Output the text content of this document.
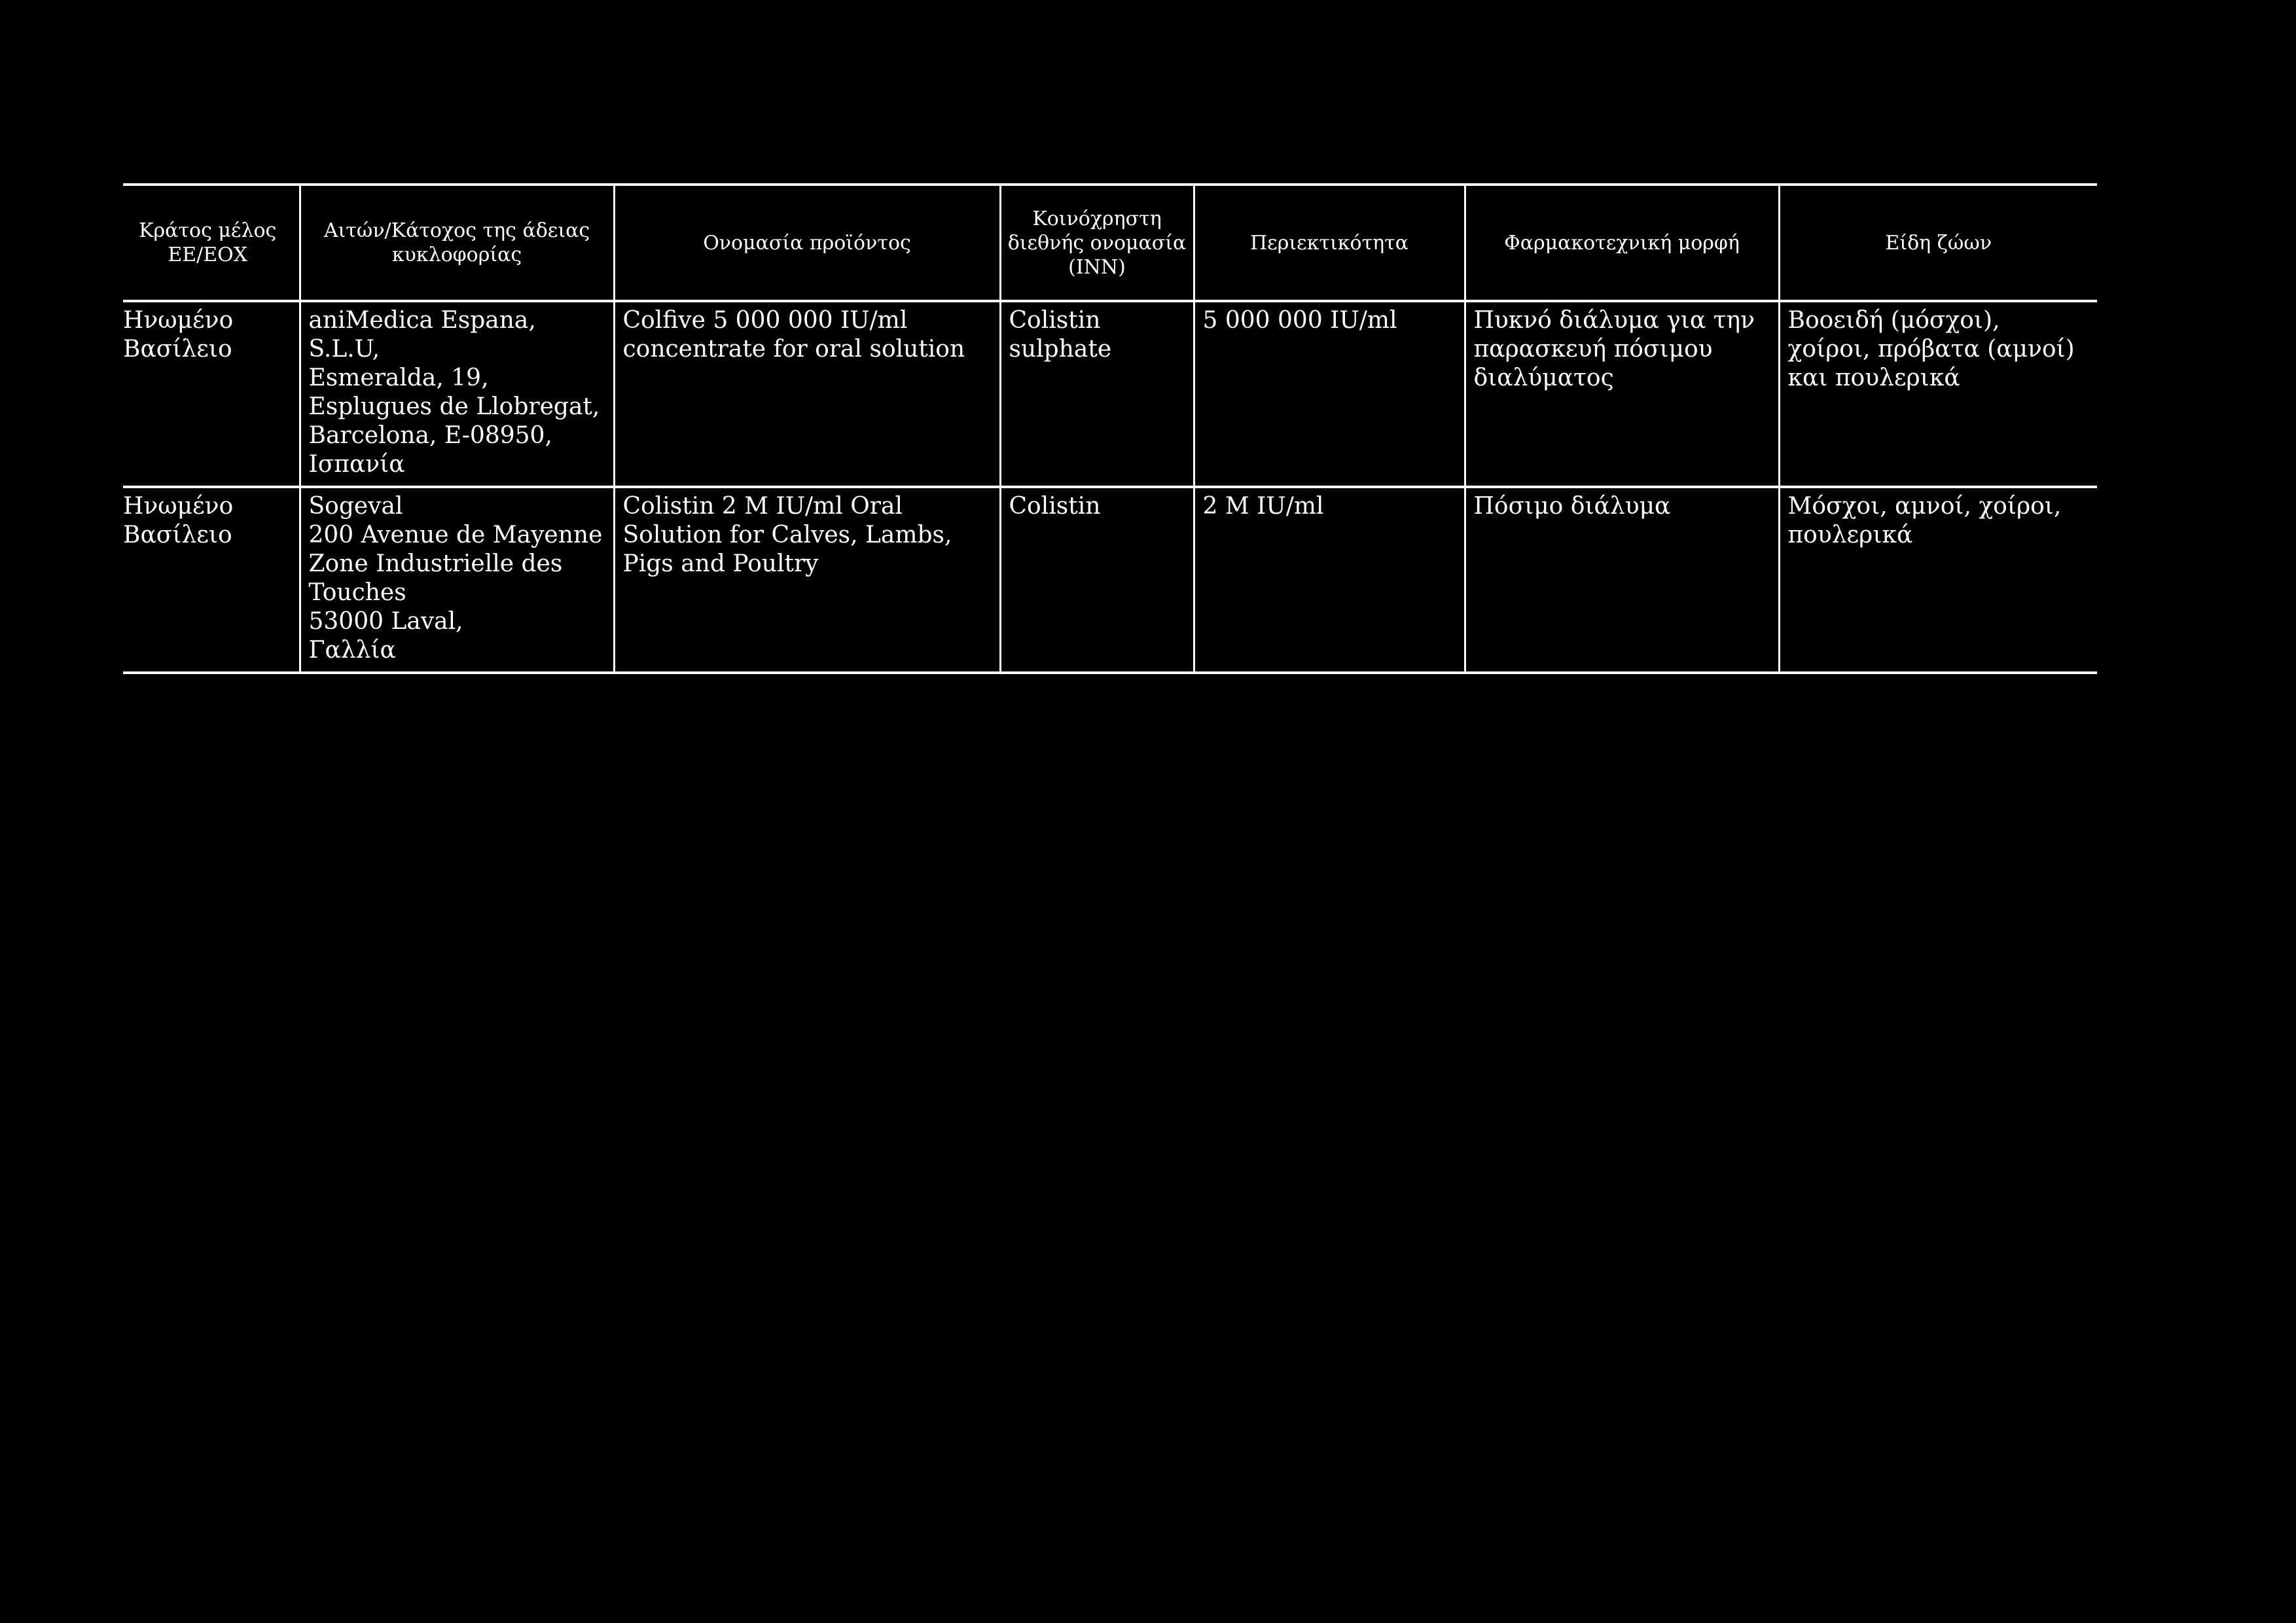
Κράτος μέλος ΕΕ/ΕΟΧ	Αιτών/Κάτοχος της άδειας κυκλοφορίας	Ονομασία προϊόντος	Κοινόχρηστη διεθνής ονομασία (INN)	Περιεκτικότητα	Φαρμακοτεχνική μορφή	Είδη ζώων
Ηνωμένο Βασίλειο	aniMedica Espana, S.L.U,
Esmeralda, 19,
Esplugues de Llobregat,
Barcelona, E-08950,
Ισπανία	Colfive 5 000 000 IU/ml concentrate for oral solution	Colistin sulphate	5 000 000 IU/ml	Πυκνό διάλυμα για την παρασκευή πόσιμου διαλύματος	Βοοειδή (μόσχοι), χοίροι, πρόβατα (αμνοί) και πουλερικά
Ηνωμένο Βασίλειο	Sogeval
200 Avenue de Mayenne
Zone Industrielle des Touches
53000 Laval,
Γαλλία	Colistin 2 M IU/ml Oral Solution for Calves, Lambs, Pigs and Poultry	Colistin	2 M IU/ml	Πόσιμο διάλυμα	Μόσχοι, αμνοί, χοίροι, πουλερικά
